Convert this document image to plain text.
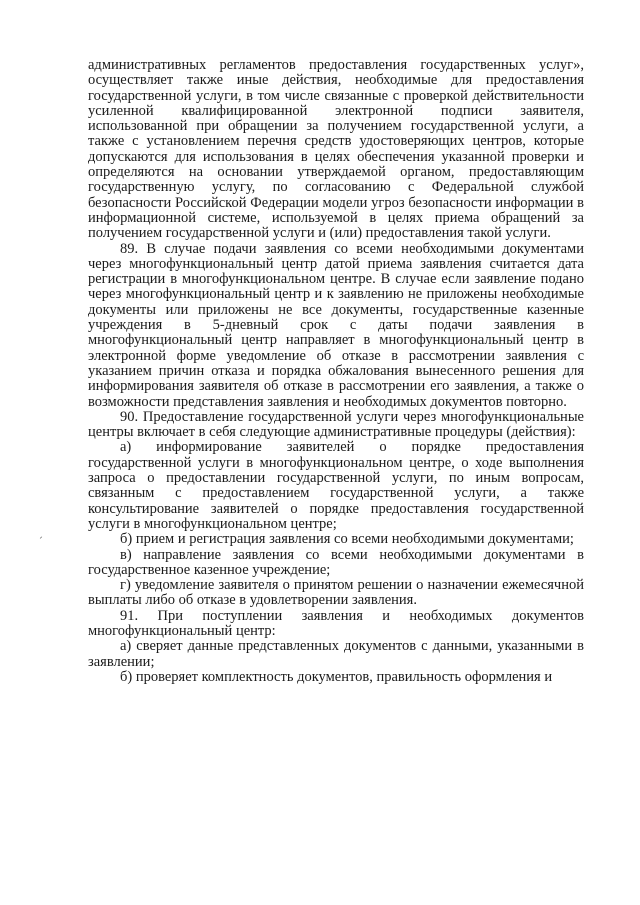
административных регламентов предоставления государственных услуг», осуществляет также иные действия, необходимые для предоставления государственной услуги, в том числе связанные с проверкой действительности усиленной квалифицированной электронной подписи заявителя, использованной при обращении за получением государственной услуги, а также с установлением перечня средств удостоверяющих центров, которые допускаются для использования в целях обеспечения указанной проверки и определяются на основании утверждаемой органом, предоставляющим государственную услугу, по согласованию с Федеральной службой безопасности Российской Федерации модели угроз безопасности информации в информационной системе, используемой в целях приема обращений за получением государственной услуги и (или) предоставления такой услуги.

89. В случае подачи заявления со всеми необходимыми документами через многофункциональный центр датой приема заявления считается дата регистрации в многофункциональном центре. В случае если заявление подано через многофункциональный центр и к заявлению не приложены необходимые документы или приложены не все документы, государственные казенные учреждения в 5-дневный срок с даты подачи заявления в многофункциональный центр направляет в многофункциональный центр в электронной форме уведомление об отказе в рассмотрении заявления с указанием причин отказа и порядка обжалования вынесенного решения для информирования заявителя об отказе в рассмотрении его заявления, а также о возможности представления заявления и необходимых документов повторно.

90. Предоставление государственной услуги через многофункциональные центры включает в себя следующие административные процедуры (действия):

а) информирование заявителей о порядке предоставления государственной услуги в многофункциональном центре, о ходе выполнения запроса о предоставлении государственной услуги, по иным вопросам, связанным с предоставлением государственной услуги, а также консультирование заявителей о порядке предоставления государственной услуги в многофункциональном центре;

б) прием и регистрация заявления со всеми необходимыми документами;

в) направление заявления со всеми необходимыми документами в государственное казенное учреждение;

г) уведомление заявителя о принятом решении о назначении ежемесячной выплаты либо об отказе в удовлетворении заявления.

91. При поступлении заявления и необходимых документов многофункциональный центр:

а) сверяет данные представленных документов с данными, указанными в заявлении;

б) проверяет комплектность документов, правильность оформления и

ˏ
